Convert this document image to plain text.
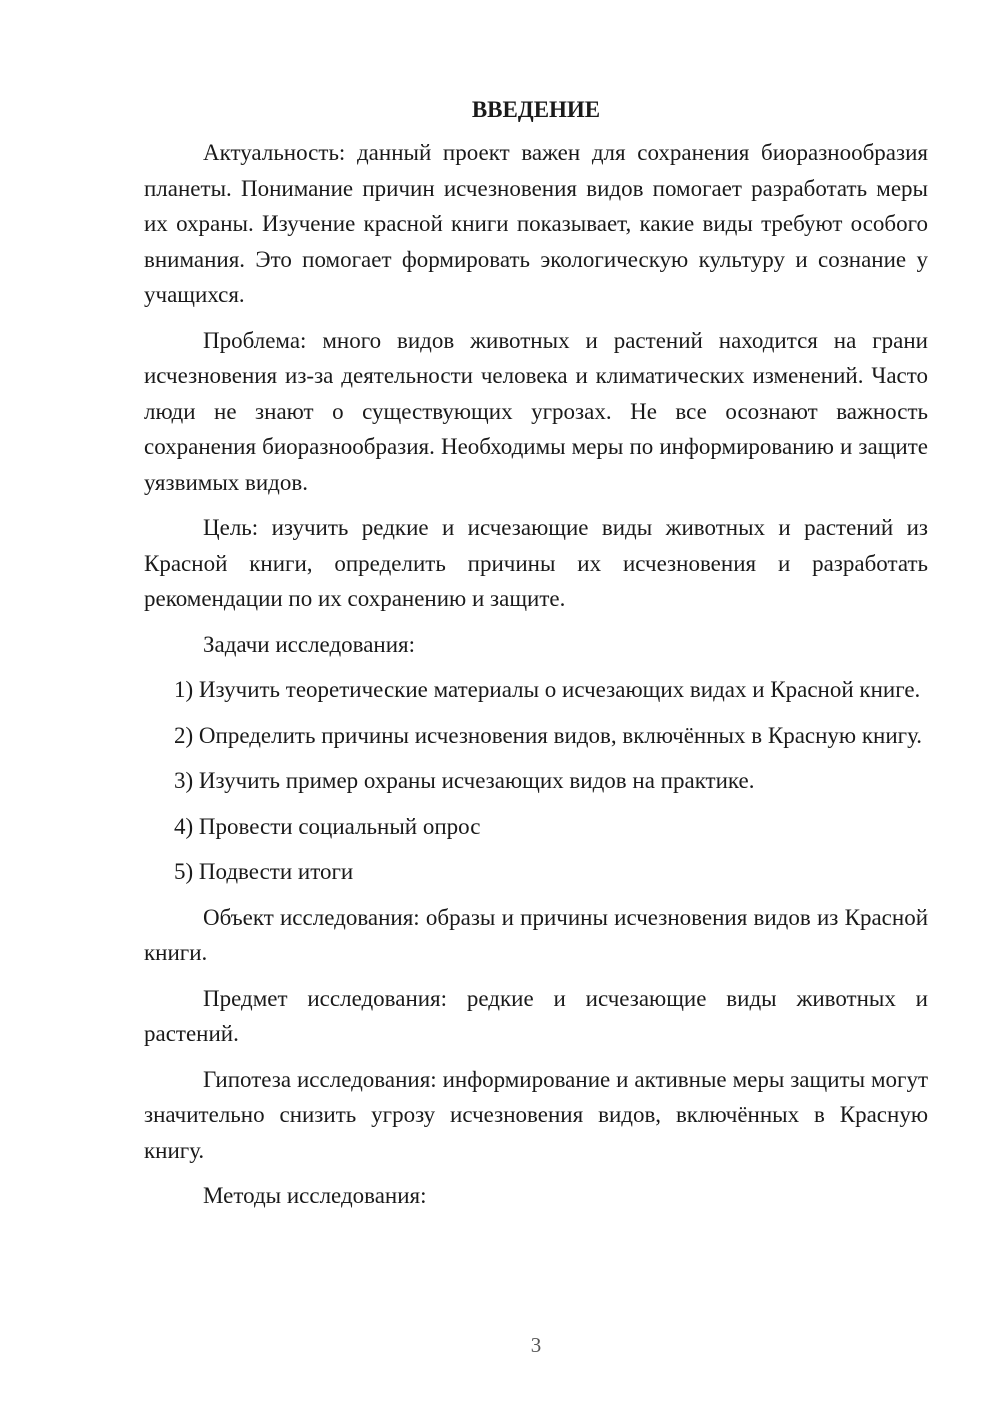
ВВЕДЕНИЕ

Актуальность: данный проект важен для сохранения биоразнообразия планеты. Понимание причин исчезновения видов помогает разработать меры их охраны. Изучение красной книги показывает, какие виды требуют особого внимания. Это помогает формировать экологическую культуру и сознание у учащихся.

Проблема: много видов животных и растений находится на грани исчезновения из-за деятельности человека и климатических изменений. Часто люди не знают о существующих угрозах. Не все осознают важность сохранения биоразнообразия. Необходимы меры по информированию и защите уязвимых видов.

Цель: изучить редкие и исчезающие виды животных и растений из Красной книги, определить причины их исчезновения и разработать рекомендации по их сохранению и защите.

Задачи исследования:

1) Изучить теоретические материалы о исчезающих видах и Красной книге.

2) Определить причины исчезновения видов, включённых в Красную книгу.

3) Изучить пример охраны исчезающих видов на практике.

4) Провести социальный опрос

5) Подвести итоги

Объект исследования: образы и причины исчезновения видов из Красной книги.

Предмет исследования: редкие и исчезающие виды животных и растений.

Гипотеза исследования: информирование и активные меры защиты могут значительно снизить угрозу исчезновения видов, включённых в Красную книгу.

Методы исследования:

3
